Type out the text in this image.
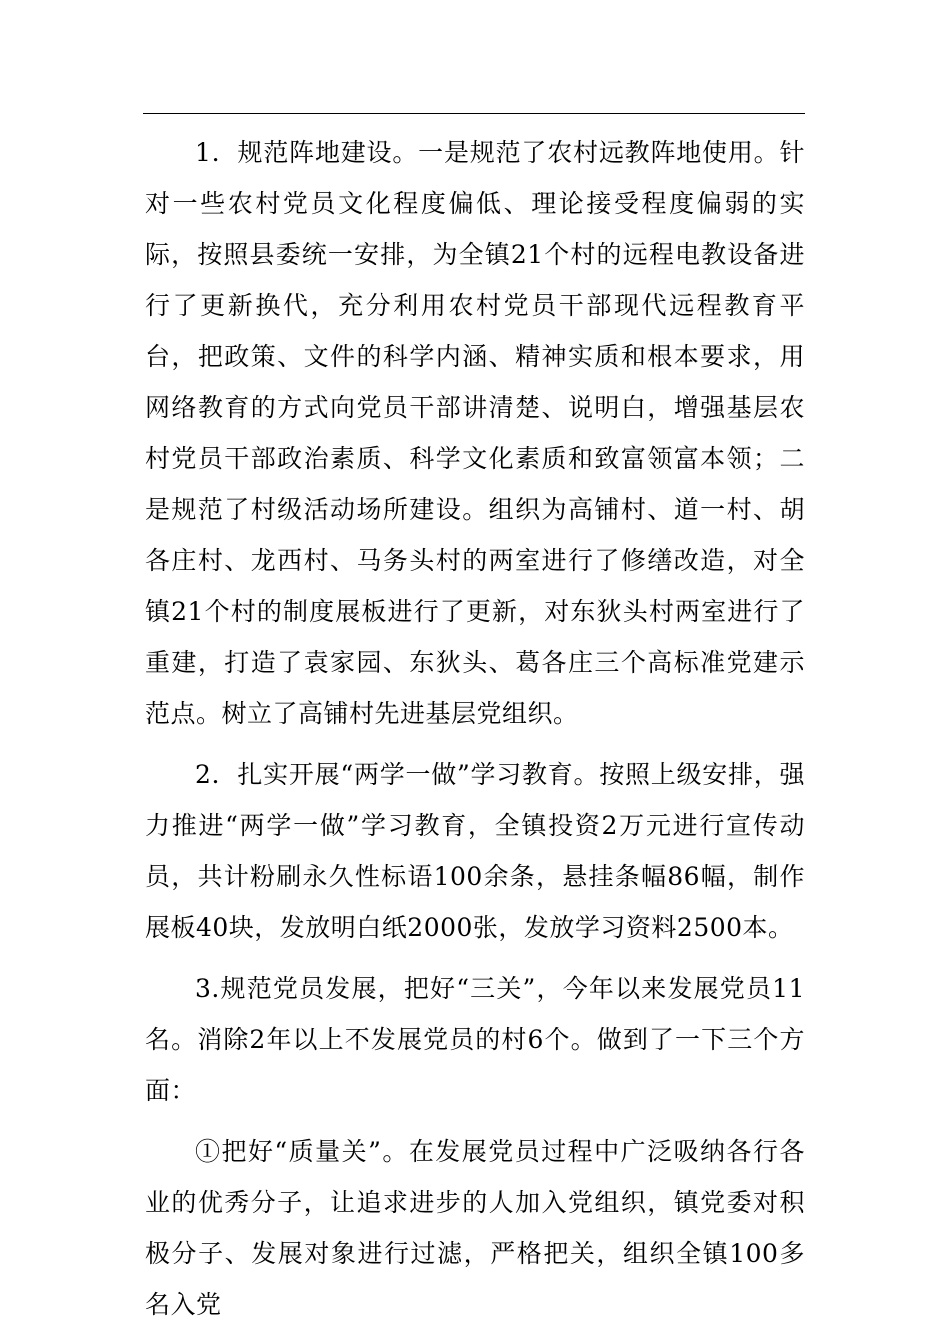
1．规范阵地建设。一是规范了农村远教阵地使用。针对一些农村党员文化程度偏低、理论接受程度偏弱的实际，按照县委统一安排，为全镇21个村的远程电教设备进行了更新换代，充分利用农村党员干部现代远程教育平台，把政策、文件的科学内涵、精神实质和根本要求，用网络教育的方式向党员干部讲清楚、说明白，增强基层农村党员干部政治素质、科学文化素质和致富领富本领；二是规范了村级活动场所建设。组织为高铺村、道一村、胡各庄村、龙西村、马务头村的两室进行了修缮改造，对全镇21个村的制度展板进行了更新，对东狄头村两室进行了重建，打造了袁家园、东狄头、葛各庄三个高标准党建示范点。树立了高铺村先进基层党组织。

2．扎实开展“两学一做”学习教育。按照上级安排，强力推进“两学一做”学习教育，全镇投资2万元进行宣传动员，共计粉刷永久性标语100余条，悬挂条幅86幅，制作展板40块，发放明白纸2000张，发放学习资料2500本。

3.规范党员发展，把好“三关”，今年以来发展党员11名。消除2年以上不发展党员的村6个。做到了一下三个方面：

①把好“质量关”。在发展党员过程中广泛吸纳各行各业的优秀分子，让追求进步的人加入党组织，镇党委对积极分子、发展对象进行过滤，严格把关，组织全镇100多名入党
